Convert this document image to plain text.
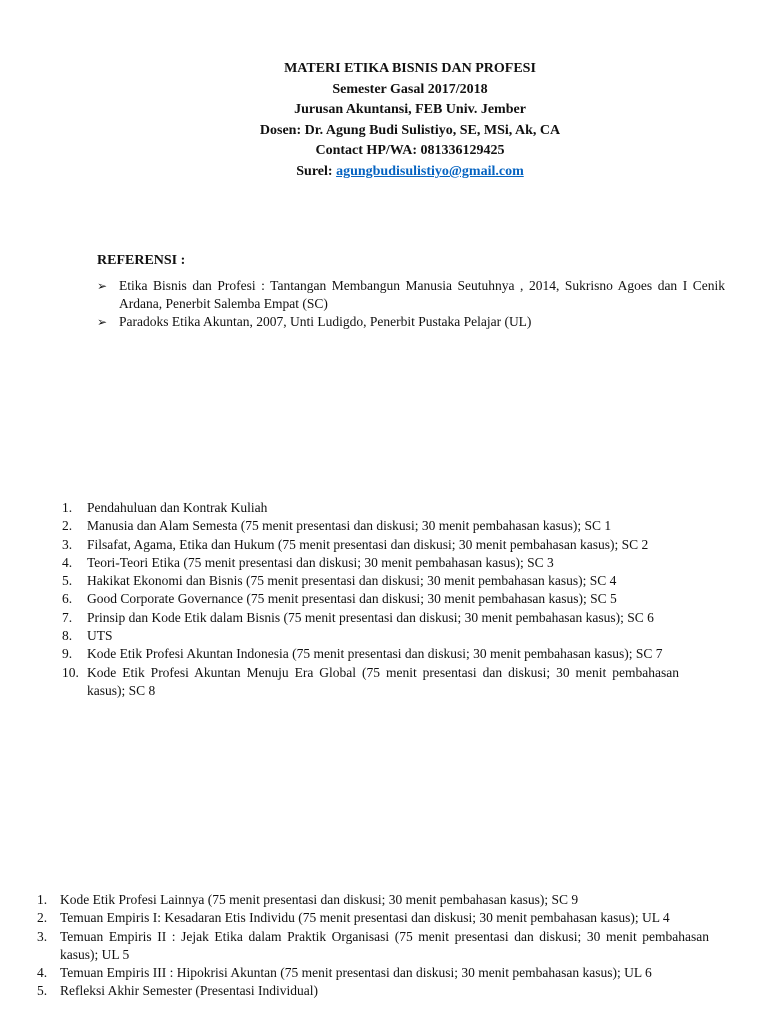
MATERI ETIKA BISNIS DAN PROFESI
Semester Gasal 2017/2018
Jurusan Akuntansi, FEB Univ. Jember
Dosen: Dr. Agung Budi Sulistiyo, SE, MSi, Ak, CA
Contact HP/WA: 081336129425
Surel: agungbudisulistiyo@gmail.com
REFERENSI :
➢ Etika Bisnis dan Profesi : Tantangan Membangun Manusia Seutuhnya , 2014, Sukrisno Agoes dan I Cenik Ardana, Penerbit Salemba Empat (SC)
➢ Paradoks Etika Akuntan, 2007, Unti Ludigdo, Penerbit Pustaka Pelajar (UL)
1. Pendahuluan dan Kontrak Kuliah
2. Manusia dan Alam Semesta (75 menit presentasi dan diskusi; 30 menit pembahasan kasus); SC 1
3. Filsafat, Agama, Etika dan Hukum (75 menit presentasi dan diskusi; 30 menit pembahasan kasus); SC 2
4. Teori-Teori Etika (75 menit presentasi dan diskusi; 30 menit pembahasan kasus); SC 3
5. Hakikat Ekonomi dan Bisnis (75 menit presentasi dan diskusi; 30 menit pembahasan kasus); SC 4
6. Good Corporate Governance (75 menit presentasi dan diskusi; 30 menit pembahasan kasus); SC 5
7. Prinsip dan Kode Etik dalam Bisnis (75 menit presentasi dan diskusi; 30 menit pembahasan kasus); SC 6
8. UTS
9. Kode Etik Profesi Akuntan Indonesia (75 menit presentasi dan diskusi; 30 menit pembahasan kasus); SC 7
10. Kode Etik Profesi Akuntan Menuju Era Global (75 menit presentasi dan diskusi; 30 menit pembahasan kasus); SC 8
1. Kode Etik Profesi Lainnya (75 menit presentasi dan diskusi; 30 menit pembahasan kasus); SC 9
2. Temuan Empiris I: Kesadaran Etis Individu (75 menit presentasi dan diskusi; 30 menit pembahasan kasus); UL 4
3. Temuan Empiris II : Jejak Etika dalam Praktik Organisasi (75 menit presentasi dan diskusi; 30 menit pembahasan kasus); UL 5
4. Temuan Empiris III : Hipokrisi Akuntan (75 menit presentasi dan diskusi; 30 menit pembahasan kasus); UL 6
5. Refleksi Akhir Semester (Presentasi Individual)
